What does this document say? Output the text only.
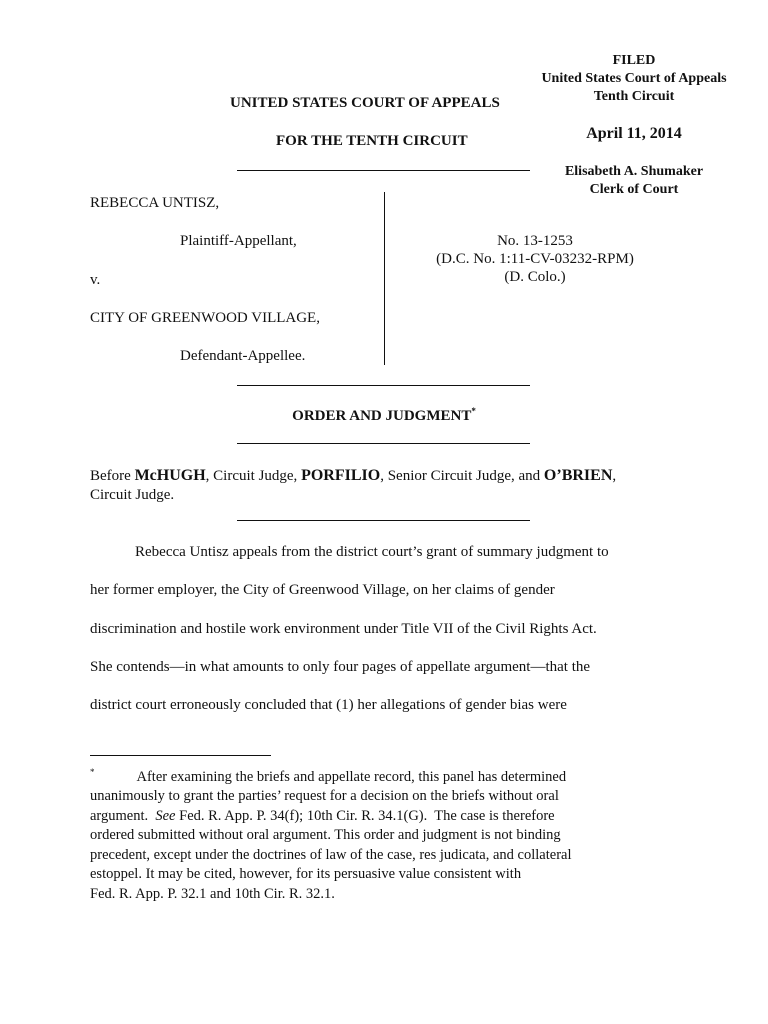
FILED
United States Court of Appeals
Tenth Circuit
April 11, 2014
Elisabeth A. Shumaker
Clerk of Court
UNITED STATES COURT OF APPEALS
FOR THE TENTH CIRCUIT
REBECCA UNTISZ,
Plaintiff-Appellant,
v.
CITY OF GREENWOOD VILLAGE,
Defendant-Appellee.
No. 13-1253
(D.C. No. 1:11-CV-03232-RPM)
(D. Colo.)
ORDER AND JUDGMENT*
Before McHUGH, Circuit Judge, PORFILIO, Senior Circuit Judge, and O’BRIEN,
Circuit Judge.
Rebecca Untisz appeals from the district court’s grant of summary judgment to
her former employer, the City of Greenwood Village, on her claims of gender
discrimination and hostile work environment under Title VII of the Civil Rights Act.
She contends—in what amounts to only four pages of appellate argument—that the
district court erroneously concluded that (1) her allegations of gender bias were
*	After examining the briefs and appellate record, this panel has determined
unanimously to grant the parties’ request for a decision on the briefs without oral
argument.  See Fed. R. App. P. 34(f); 10th Cir. R. 34.1(G).  The case is therefore
ordered submitted without oral argument. This order and judgment is not binding
precedent, except under the doctrines of law of the case, res judicata, and collateral
estoppel. It may be cited, however, for its persuasive value consistent with
Fed. R. App. P. 32.1 and 10th Cir. R. 32.1.
